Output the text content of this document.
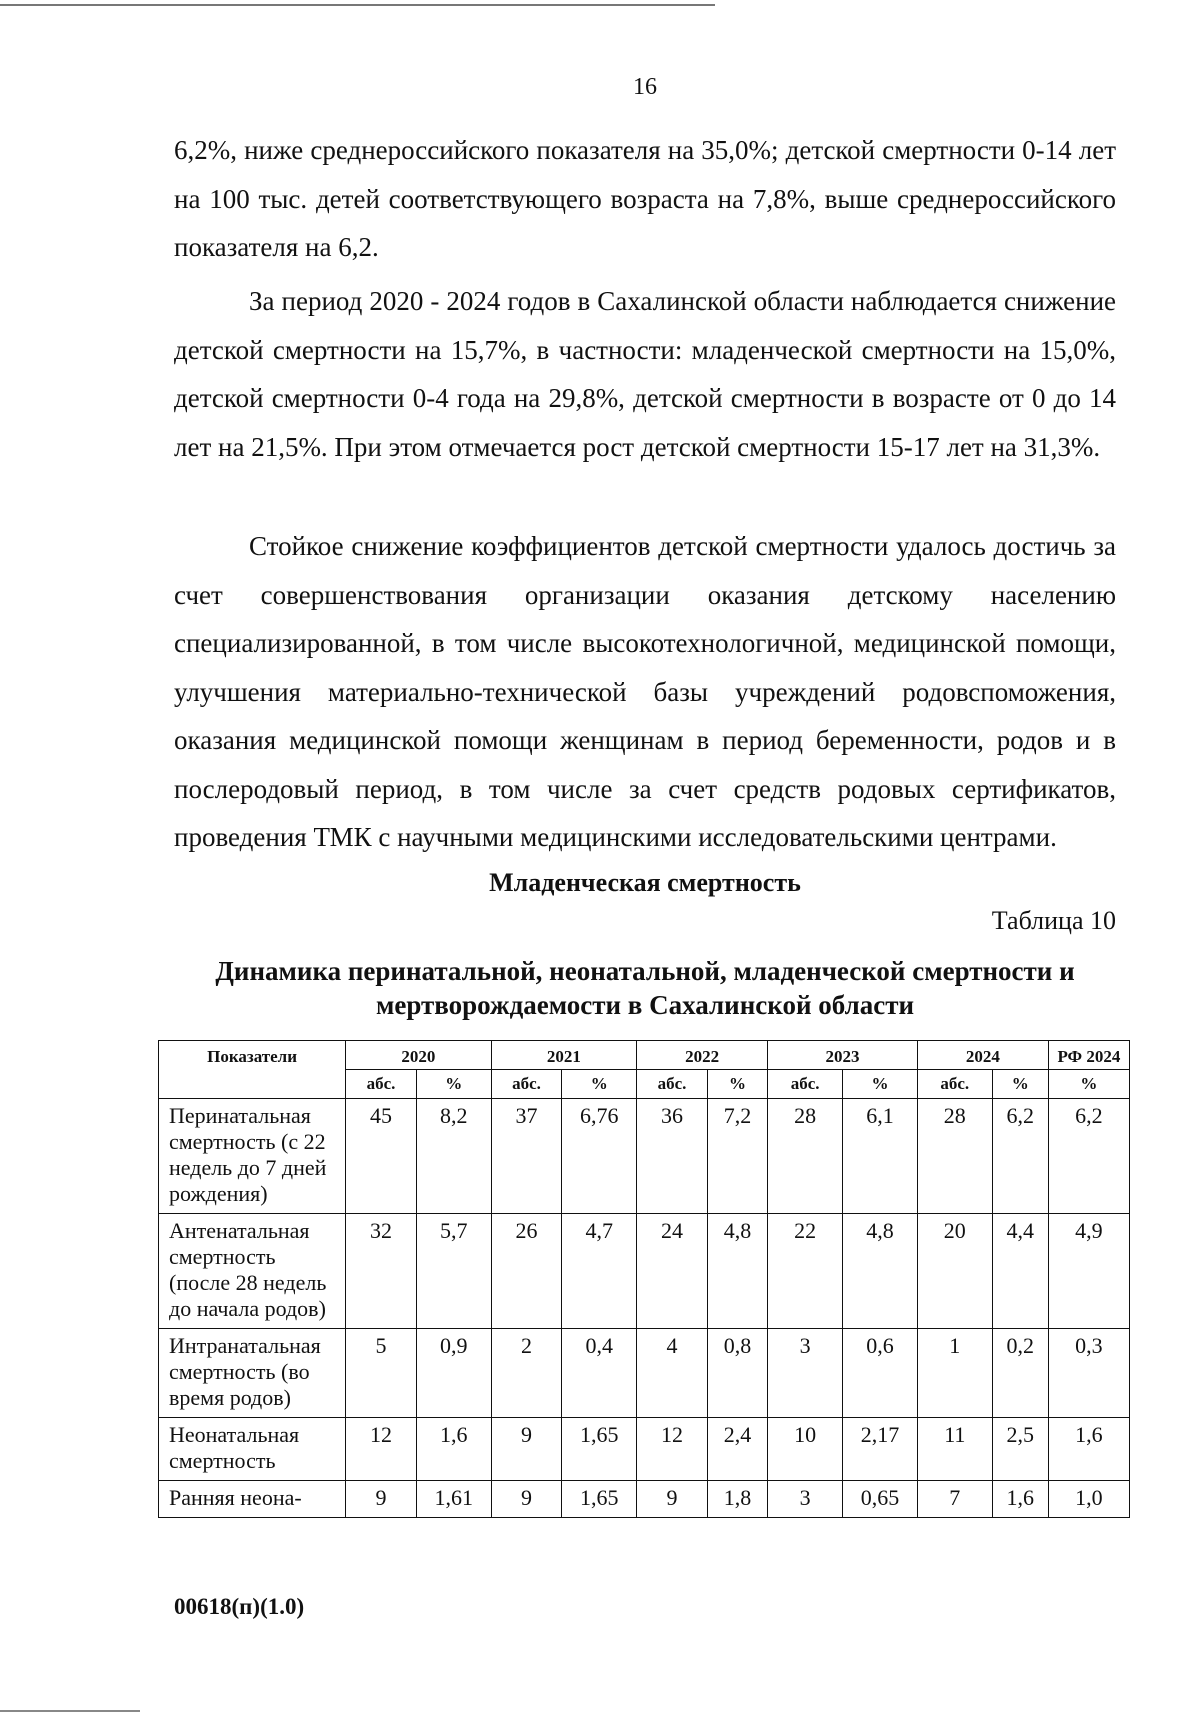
16

6,2%, ниже среднероссийского показателя на 35,0%; детской смертности 0-14 лет на 100 тыс. детей соответствующего возраста на 7,8%, выше среднероссийского показателя на 6,2.

За период 2020 - 2024 годов в Сахалинской области наблюдается снижение детской смертности на 15,7%, в частности: младенческой смертности на 15,0%, детской смертности 0-4 года на 29,8%, детской смертности в возрасте от 0 до 14 лет на 21,5%. При этом отмечается рост детской смертности 15-17 лет на 31,3%.

Стойкое снижение коэффициентов детской смертности удалось достичь за счет совершенствования организации оказания детскому населению специализированной, в том числе высокотехнологичной, медицинской помощи, улучшения материально-технической базы учреждений родовспоможения, оказания медицинской помощи женщинам в период беременности, родов и в послеродовый период, в том числе за счет средств родовых сертификатов, проведения ТМК с научными медицинскими исследовательскими центрами.

Младенческая смертность
Таблица 10
Динамика перинатальной, неонатальной, младенческой смертности и мертворождаемости в Сахалинской области
Показатели	2020		2021		2022		2023		2024		РФ 2024
	абс.	%	абс.	%	абс.	%	абс.	%	абс.	%	%
Перинатальная смертность (с 22 недель до 7 дней рождения)	45	8,2	37	6,76	36	7,2	28	6,1	28	6,2	6,2
Антенатальная смертность (после 28 недель до начала родов)	32	5,7	26	4,7	24	4,8	22	4,8	20	4,4	4,9
Интранатальная смертность (во время родов)	5	0,9	2	0,4	4	0,8	3	0,6	1	0,2	0,3
Неонатальная смертность	12	1,6	9	1,65	12	2,4	10	2,17	11	2,5	1,6
Ранняя неона-	9	1,61	9	1,65	9	1,8	3	0,65	7	1,6	1,0
00618(п)(1.0)
